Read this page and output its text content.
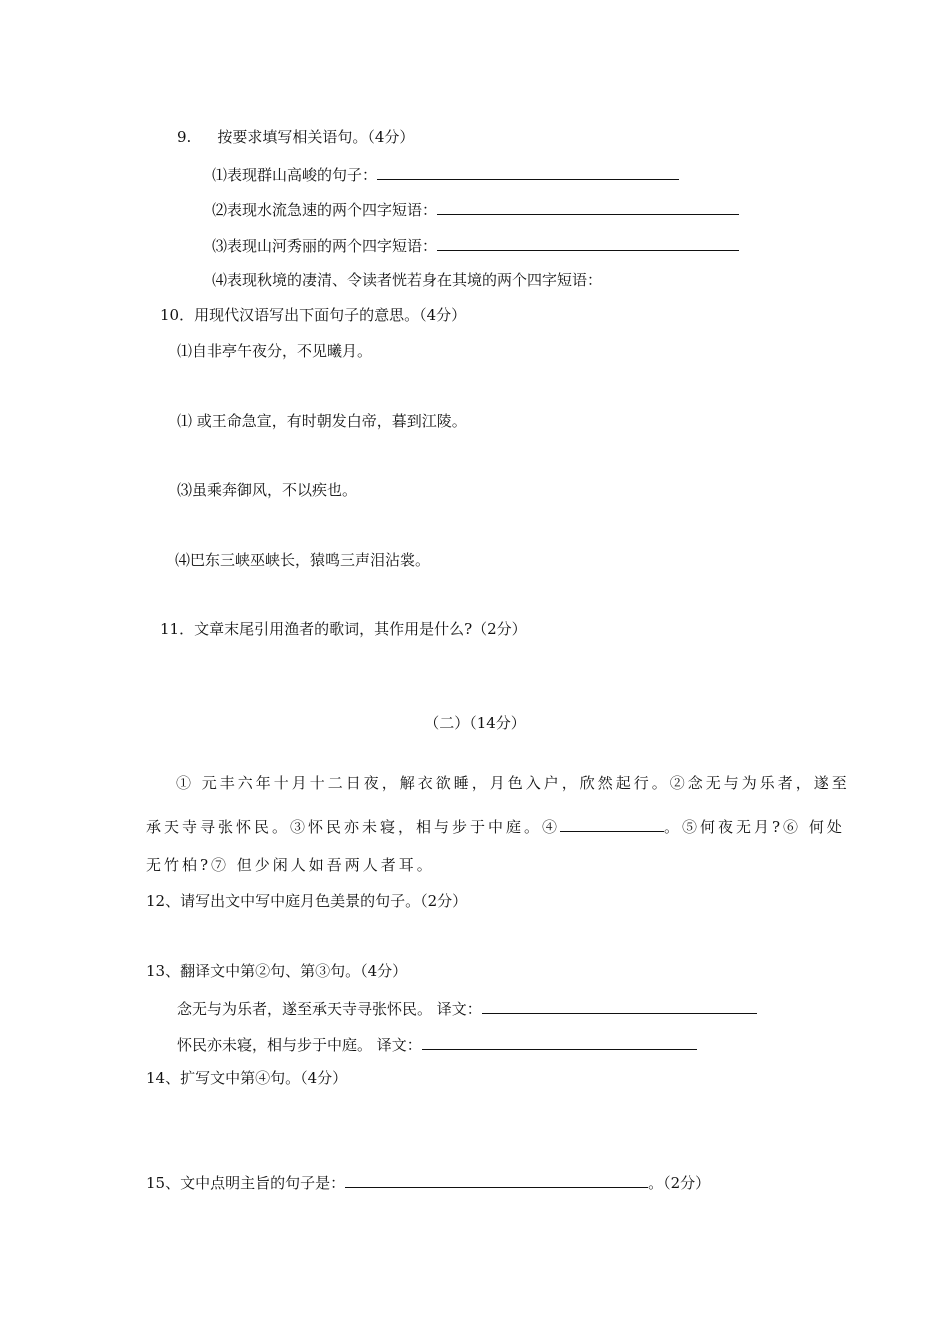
9. 按要求填写相关语句。（4分）
⑴表现群山高峻的句子：
⑵表现水流急速的两个四字短语：
⑶表现山河秀丽的两个四字短语：
⑷表现秋境的凄清、令读者恍若身在其境的两个四字短语：
10．用现代汉语写出下面句子的意思。（4分）
⑴自非亭午夜分，不见曦月。
⑴ 或王命急宣，有时朝发白帝，暮到江陵。
⑶虽乘奔御风，不以疾也。
⑷巴东三峡巫峡长，猿鸣三声泪沾裳。
11．文章末尾引用渔者的歌词，其作用是什么?（2分）
（二）（14分）
① 元丰六年十月十二日夜，解衣欲睡，月色入户，欣然起行。②念无与为乐者，遂至
承天寺寻张怀民。③怀民亦未寝，相与步于中庭。④	。⑤何夜无月?⑥ 何处
无竹柏?⑦ 但少闲人如吾两人者耳。
12、请写出文中写中庭月色美景的句子。（2分）
13、翻译文中第②句、第③句。（4分）
念无与为乐者，遂至承天寺寻张怀民。 译文：
怀民亦未寝，相与步于中庭。 译文：
14、扩写文中第④句。（4分）
15、文中点明主旨的句子是：	。（2分）
